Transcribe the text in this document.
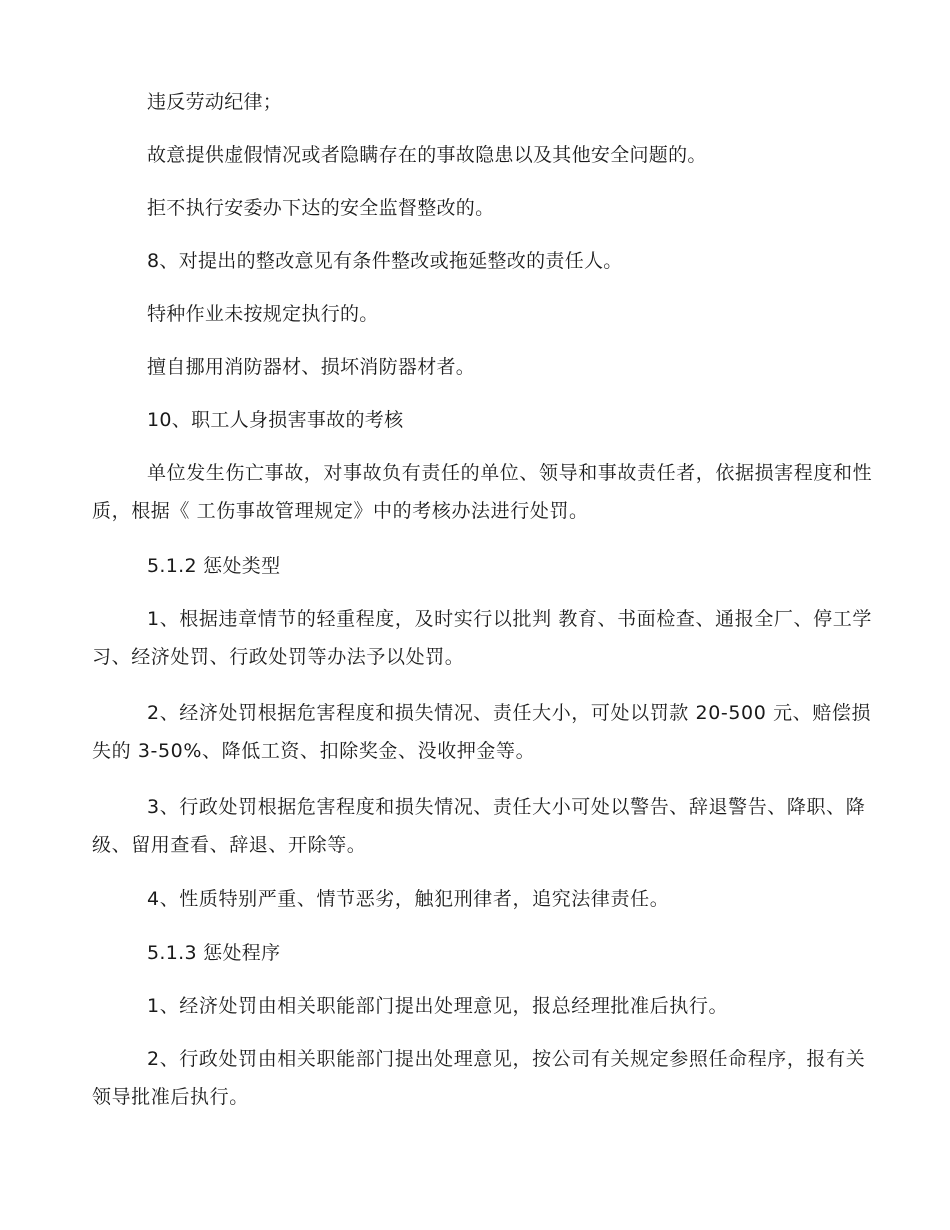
违反劳动纪律；
故意提供虚假情况或者隐瞒存在的事故隐患以及其他安全问题的。
拒不执行安委办下达的安全监督整改的。
8、对提出的整改意见有条件整改或拖延整改的责任人。
特种作业未按规定执行的。
擅自挪用消防器材、损坏消防器材者。
10、职工人身损害事故的考核
单位发生伤亡事故，对事故负有责任的单位、领导和事故责任者，依据损害程度和性质，根据《 工伤事故管理规定》中的考核办法进行处罚。
5.1.2 惩处类型
1、根据违章情节的轻重程度，及时实行以批判 教育、书面检查、通报全厂、停工学习、经济处罚、行政处罚等办法予以处罚。
2、经济处罚根据危害程度和损失情况、责任大小，可处以罚款 20-500 元、赔偿损失的 3-50%、降低工资、扣除奖金、没收押金等。
3、行政处罚根据危害程度和损失情况、责任大小可处以警告、辞退警告、降职、降级、留用查看、辞退、开除等。
4、性质特别严重、情节恶劣，触犯刑律者，追究法律责任。
5.1.3 惩处程序
1、经济处罚由相关职能部门提出处理意见，报总经理批准后执行。
2、行政处罚由相关职能部门提出处理意见，按公司有关规定参照任命程序，报有关领导批准后执行。
